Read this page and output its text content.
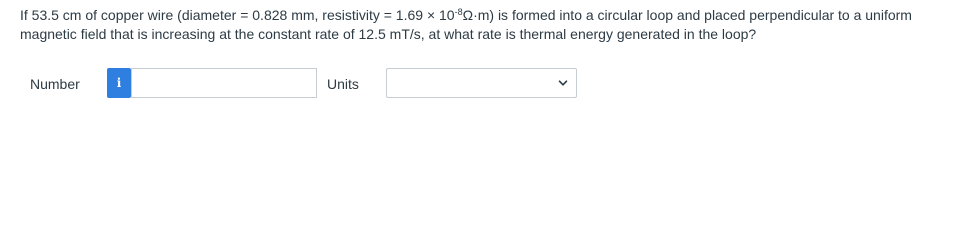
If 53.5 cm of copper wire (diameter = 0.828 mm, resistivity = $1.69 \times 10^{-8}\Omega\cdot m$) is formed into a circular loop and placed perpendicular to a uniform magnetic field that is increasing at the constant rate of 12.5 mT/s, at what rate is thermal energy generated in the loop?
Number	i	Units
